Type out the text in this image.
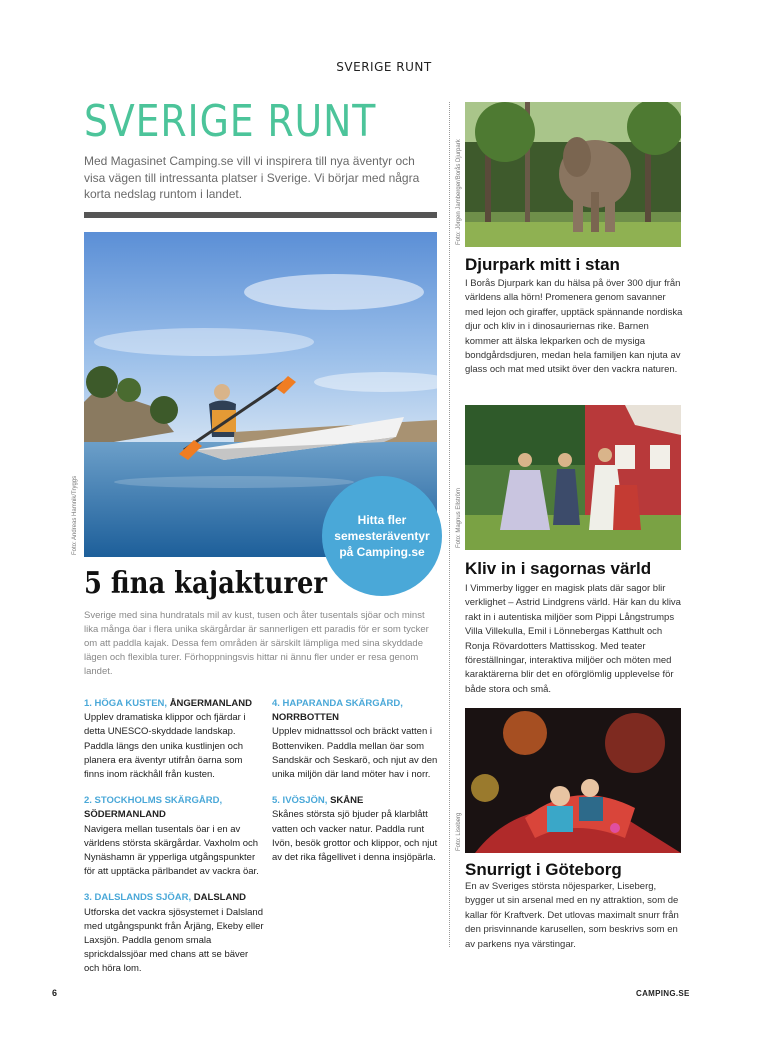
SVERIGE RUNT
SVERIGE RUNT
Med Magasinet Camping.se vill vi inspirera till nya äventyr och visa vägen till intressanta platser i Sverige. Vi börjar med några korta nedslag runtom i landet.
Foto: Andreas Hamnik/Tryggs	Hitta fler
semesteräventyr
på Camping.se
5 fina kajakturer
Sverige med sina hundratals mil av kust, tusen och åter tusentals sjöar och minst lika många öar i flera unika skärgårdar är sannerligen ett paradis för er som tycker om att paddla kajak. Dessa fem områden är särskilt lämpliga med sina skyddade lägen och flexibla turer. Förhoppningsvis hittar ni ännu fler under er resa genom landet.
1. HÖGA KUSTEN, ÅNGERMANLAND
Upplev dramatiska klippor och fjärdar i detta UNESCO-skyddade landskap. Paddla längs den unika kustlinjen och planera era äventyr utifrån öarna som finns inom räckhåll från kusten.
2. STOCKHOLMS SKÄRGÅRD,
SÖDERMANLAND
Navigera mellan tusentals öar i en av världens största skärgårdar. Vaxholm och Nynäshamn är ypperliga utgångspunkter för att upptäcka pärlbandet av vackra öar.
3. DALSLANDS SJÖAR, DALSLAND
Utforska det vackra sjösystemet i Dalsland med utgångspunkt från Årjäng, Ekeby eller Laxsjön. Paddla genom smala sprickdalssjöar med chans att se bäver och höra lom.
4. HAPARANDA SKÄRGÅRD,
NORRBOTTEN
Upplev midnattssol och bräckt vatten i Bottenviken. Paddla mellan öar som Sandskär och Seskarö, och njut av den unika miljön där land möter hav i norr.
5. IVÖSJÖN, SKÅNE
Skånes största sjö bjuder på klarblått vatten och vacker natur. Paddla runt Ivön, besök grottor och klippor, och njut av det rika fågellivet i denna insjöpärla.
Foto: Jörgen Jamberger/Borås Djurpark
Djurpark mitt i stan
I Borås Djurpark kan du hälsa på över 300 djur från världens alla hörn! Promenera genom savanner med lejon och giraffer, upptäck spännande nordiska djur och kliv in i dinosauriernas rike. Barnen kommer att älska lekparken och de mysiga bondgårdsdjuren, medan hela familjen kan njuta av glass och mat med utsikt över den vackra naturen.
Foto: Magnus Ellström
Kliv in i sagornas värld
I Vimmerby ligger en magisk plats där sagor blir verklighet – Astrid Lindgrens värld. Här kan du kliva rakt in i autentiska miljöer som Pippi Långstrumps Villa Villekulla, Emil i Lönnebergas Katthult och Ronja Rövardotters Mattisskog. Med teater föreställningar, interaktiva miljöer och möten med karaktärerna blir det en oförglömlig upplevelse för både stora och små.
Foto: Liseberg
Snurrigt i Göteborg
En av Sveriges största nöjesparker, Liseberg, bygger ut sin arsenal med en ny attraktion, som de kallar för Kraftverk. Det utlovas maximalt snurr från den prisvinnande karusellen, som beskrivs som en av parkens nya värstingar.
6	CAMPING.SE
